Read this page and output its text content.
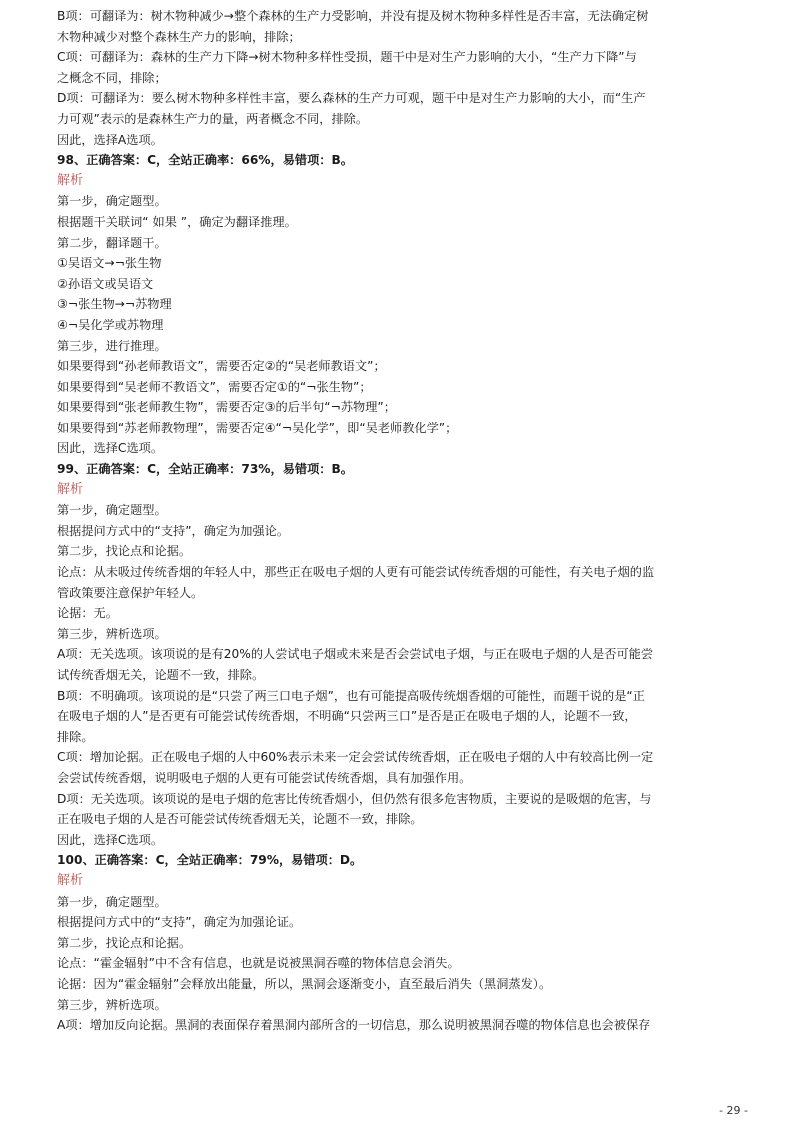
B项：可翻译为：树木物种减少→整个森林的生产力受影响，并没有提及树木物种多样性是否丰富，无法确定树
木物种减少对整个森林生产力的影响，排除；
C项：可翻译为：森林的生产力下降→树木物种多样性受损，题干中是对生产力影响的大小，“生产力下降”与
之概念不同，排除；
D项：可翻译为：要么树木物种多样性丰富，要么森林的生产力可观，题干中是对生产力影响的大小，而“生产
力可观”表示的是森林生产力的量，两者概念不同，排除。
因此，选择A选项。
98、正确答案：C，全站正确率：66%，易错项：B。
解析
第一步，确定题型。
根据题干关联词“ 如果 ”，确定为翻译推理。
第二步，翻译题干。
①吴语文→¬张生物
②孙语文或吴语文
③¬张生物→¬苏物理
④¬吴化学或苏物理
第三步，进行推理。
如果要得到“孙老师教语文”，需要否定②的“吴老师教语文”；
如果要得到“吴老师不教语文”，需要否定①的“¬张生物”；
如果要得到“张老师教生物”，需要否定③的后半句“¬苏物理”；
如果要得到“苏老师教物理”，需要否定④“¬吴化学”，即“吴老师教化学”；
因此，选择C选项。
99、正确答案：C，全站正确率：73%，易错项：B。
解析
第一步，确定题型。
根据提问方式中的“支持”，确定为加强论。
第二步，找论点和论据。
论点：从未吸过传统香烟的年轻人中，那些正在吸电子烟的人更有可能尝试传统香烟的可能性，有关电子烟的监
管政策要注意保护年轻人。
论据：无。
第三步，辨析选项。
A项：无关选项。该项说的是有20%的人尝试电子烟或未来是否会尝试电子烟，与正在吸电子烟的人是否可能尝
试传统香烟无关，论题不一致，排除。
B项：不明确项。该项说的是“只尝了两三口电子烟”，也有可能提高吸传统烟香烟的可能性，而题干说的是“正
在吸电子烟的人”是否更有可能尝试传统香烟，不明确“只尝两三口”是否是正在吸电子烟的人，论题不一致，
排除。
C项：增加论据。正在吸电子烟的人中60%表示未来一定会尝试传统香烟，正在吸电子烟的人中有较高比例一定
会尝试传统香烟，说明吸电子烟的人更有可能尝试传统香烟，具有加强作用。
D项：无关选项。该项说的是电子烟的危害比传统香烟小，但仍然有很多危害物质，主要说的是吸烟的危害，与
正在吸电子烟的人是否可能尝试传统香烟无关，论题不一致，排除。
因此，选择C选项。
100、正确答案：C，全站正确率：79%，易错项：D。
解析
第一步，确定题型。
根据提问方式中的“支持”，确定为加强论证。
第二步，找论点和论据。
论点：“霍金辐射”中不含有信息，也就是说被黑洞吞噬的物体信息会消失。
论据：因为“霍金辐射”会释放出能量，所以，黑洞会逐渐变小，直至最后消失（黑洞蒸发）。
第三步，辨析选项。
A项：增加反向论据。黑洞的表面保存着黑洞内部所含的一切信息，那么说明被黑洞吞噬的物体信息也会被保存
- 29 -
